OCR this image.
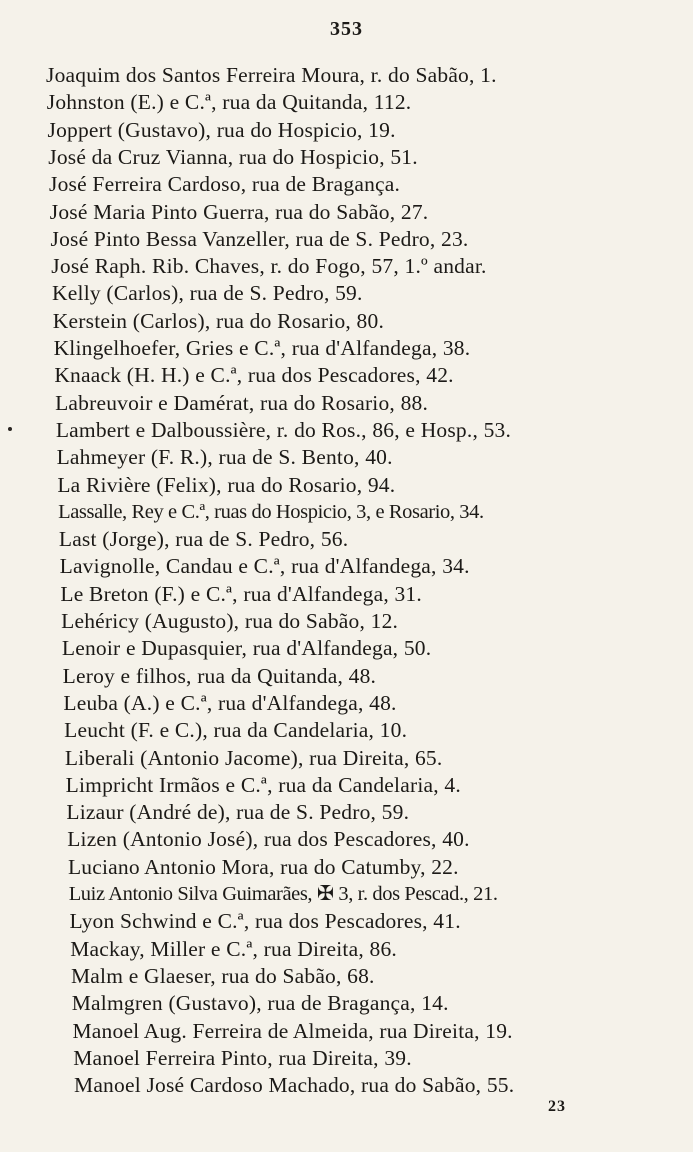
353
Joaquim dos Santos Ferreira Moura, r. do Sabão, 1.
Johnston (E.) e C.ª, rua da Quitanda, 112.
Joppert (Gustavo), rua do Hospicio, 19.
José da Cruz Vianna, rua do Hospicio, 51.
José Ferreira Cardoso, rua de Bragança.
José Maria Pinto Guerra, rua do Sabão, 27.
José Pinto Bessa Vanzeller, rua de S. Pedro, 23.
José Raph. Rib. Chaves, r. do Fogo, 57, 1.º andar.
Kelly (Carlos), rua de S. Pedro, 59.
Kerstein (Carlos), rua do Rosario, 80.
Klingelhoefer, Gries e C.ª, rua d'Alfandega, 38.
Knaack (H. H.) e C.ª, rua dos Pescadores, 42.
Labreuvoir e Damérat, rua do Rosario, 88.
Lambert e Dalboussière, r. do Ros., 86, e Hosp., 53.
Lahmeyer (F. R.), rua de S. Bento, 40.
La Rivière (Felix), rua do Rosario, 94.
Lassalle, Rey e C.ª, ruas do Hospicio, 3, e Rosario, 34.
Last (Jorge), rua de S. Pedro, 56.
Lavignolle, Candau e C.ª, rua d'Alfandega, 34.
Le Breton (F.) e C.ª, rua d'Alfandega, 31.
Lehéricy (Augusto), rua do Sabão, 12.
Lenoir e Dupasquier, rua d'Alfandega, 50.
Leroy e filhos, rua da Quitanda, 48.
Leuba (A.) e C.ª, rua d'Alfandega, 48.
Leucht (F. e C.), rua da Candelaria, 10.
Liberali (Antonio Jacome), rua Direita, 65.
Limpricht Irmãos e C.ª, rua da Candelaria, 4.
Lizaur (André de), rua de S. Pedro, 59.
Lizen (Antonio José), rua dos Pescadores, 40.
Luciano Antonio Mora, rua do Catumby, 22.
Luiz Antonio Silva Guimarães, ✠ 3, r. dos Pescad., 21.
Lyon Schwind e C.ª, rua dos Pescadores, 41.
Mackay, Miller e C.ª, rua Direita, 86.
Malm e Glaeser, rua do Sabão, 68.
Malmgren (Gustavo), rua de Bragança, 14.
Manoel Aug. Ferreira de Almeida, rua Direita, 19.
Manoel Ferreira Pinto, rua Direita, 39.
Manoel José Cardoso Machado, rua do Sabão, 55.
23
